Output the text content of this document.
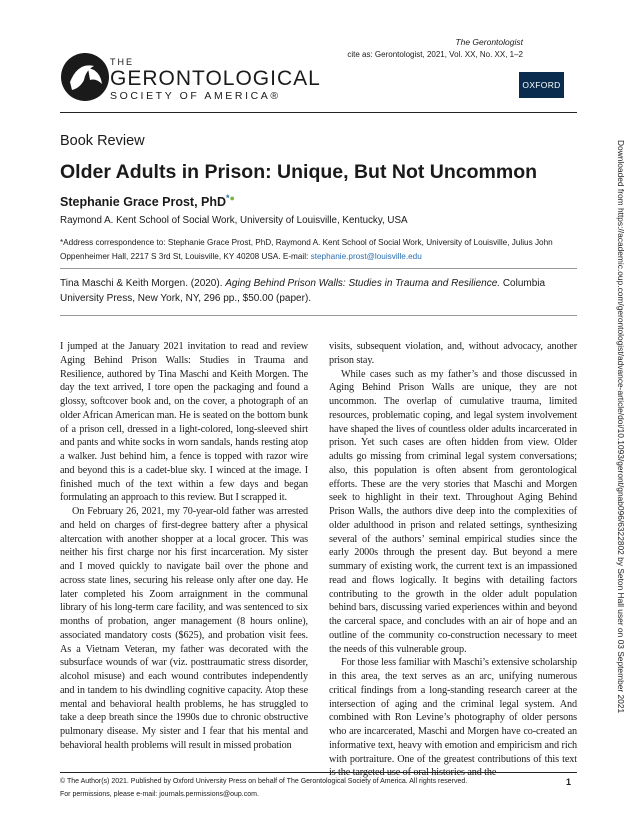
The Gerontologist
cite as: Gerontologist, 2021, Vol. XX, No. XX, 1–2
OXFORD
THE
GERONTOLOGICAL
SOCIETY OF AMERICA®
Book Review
Older Adults in Prison: Unique, But Not Uncommon
Stephanie Grace Prost, PhD*●
Raymond A. Kent School of Social Work, University of Louisville, Kentucky, USA
*Address correspondence to: Stephanie Grace Prost, PhD, Raymond A. Kent School of Social Work, University of Louisville, Julius John Oppenheimer Hall, 2217 S 3rd St, Louisville, KY 40208 USA. E-mail: stephanie.prost@louisville.edu
Tina Maschi & Keith Morgen. (2020). Aging Behind Prison Walls: Studies in Trauma and Resilience. Columbia University Press, New York, NY, 296 pp., $50.00 (paper).

I jumped at the January 2021 invitation to read and review Aging Behind Prison Walls: Studies in Trauma and Resilience, authored by Tina Maschi and Keith Morgen. The day the text arrived, I tore open the packaging and found a glossy, softcover book and, on the cover, a photograph of an older African American man. He is seated on the bottom bunk of a prison cell, dressed in a light-colored, long-sleeved shirt and pants and white socks in worn sandals, hands resting atop a walker. Just behind him, a fence is topped with razor wire and beyond this is a cadet-blue sky. I winced at the image. I finished much of the text within a few days and began formulating an approach to this review. But I scrapped it.

On February 26, 2021, my 70-year-old father was arrested and held on charges of first-degree battery after a physical altercation with another shopper at a local grocer. This was neither his first charge nor his first incarceration. My sister and I moved quickly to navigate bail over the phone and across state lines, securing his release only after one day. He later completed his Zoom arraignment in the communal library of his long-term care facility, and was sentenced to six months of probation, anger management (8 hours online), associated mandatory costs ($625), and probation visit fees. As a Vietnam Veteran, my father was decorated with the subsurface wounds of war (viz. posttraumatic stress disorder, alcohol misuse) and each wound contributes independently and in tandem to his dwindling cognitive capacity. Atop these mental and behavioral health problems, he has struggled to take a deep breath since the 1990s due to chronic obstructive pulmonary disease. My sister and I fear that his mental and behavioral health problems will result in missed probation

visits, subsequent violation, and, without advocacy, another prison stay.

While cases such as my father’s and those discussed in Aging Behind Prison Walls are unique, they are not uncommon. The overlap of cumulative trauma, limited resources, problematic coping, and legal system involvement have shaped the lives of countless older adults incarcerated in prison. Yet such cases are often hidden from view. Older adults go missing from criminal legal system conversations; also, this population is often absent from gerontological efforts. These are the very stories that Maschi and Morgen seek to highlight in their text. Throughout Aging Behind Prison Walls, the authors dive deep into the complexities of older adulthood in prison and related settings, synthesizing several of the authors’ seminal empirical studies since the early 2000s through the present day. But beyond a mere summary of existing work, the current text is an impassioned read and flows logically. It begins with detailing factors contributing to the growth in the older adult population behind bars, discussing varied experiences within and beyond the carceral space, and concludes with an air of hope and an outline of the community co-construction necessary to meet the needs of this vulnerable group.

For those less familiar with Maschi’s extensive scholarship in this area, the text serves as an arc, unifying numerous critical findings from a long-standing research career at the intersection of aging and the criminal legal system. And combined with Ron Levine’s photography of older persons who are incarcerated, Maschi and Morgen have co-created an informative text, heavy with emotion and empiricism and rich with portraiture. One of the greatest contributions of this text

© The Author(s) 2021. Published by Oxford University Press on behalf of The Gerontological Society of America. All rights reserved.
For permissions, please e-mail: journals.permissions@oup.com.
1
Downloaded from https://academic.oup.com/gerontologist/advance-article/doi/10.1093/geront/gnab096/6322802 by Seton Hall user on 03 September 2021
